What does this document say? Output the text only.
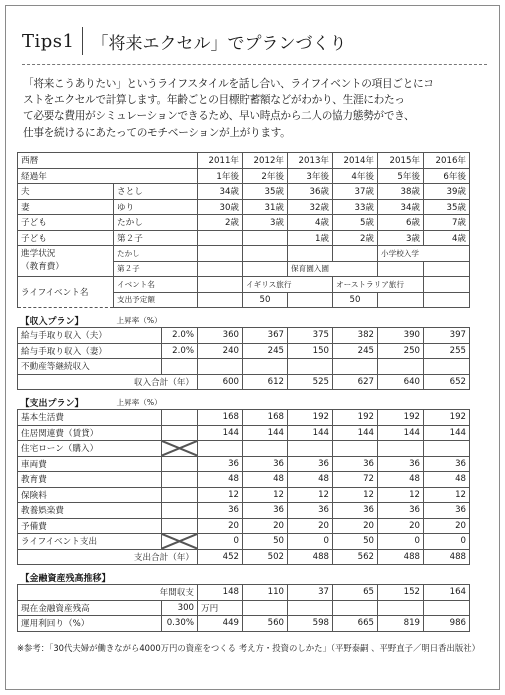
Tips1 「将来エクセル」でプランづくり

「将来こうありたい」というライフスタイルを話し合い、ライフイベントの項目ごとにコ

ストをエクセルで計算します。年齢ごとの目標貯蓄額などがわかり、生涯にわたっ

て必要な費用がシミュレーションできるため、早い時点から二人の協力態勢ができ、

仕事を続けるにあたってのモチベーションが上がります。

西暦			2011年	2012年	2013年	2014年	2015年	2016年	
経過年			1年後	2年後	3年後	4年後	5年後	6年後	
夫	さとし		34歳	35歳	36歳	37歳	38歳	39歳	
妻	ゆり		30歳	31歳	32歳	33歳	34歳	35歳	
子ども	たかし		2歳	3歳	4歳	5歳	6歳	7歳	
子ども	第２子				1歳	2歳	3歳	4歳	

進学状況
（教育費）	たかし						小学校入学		
	第２子				保育園入園				
ライフイベント名	イベント名			イギリス旅行		オーストラリア旅行			
	支出予定額			50		50			
【収入プラン】	上昇率（%）								
給与手取り収入（夫）		2.0%	360	367	375	382	390	397	
給与手取り収入（妻）		2.0%	240	245	150	245	250	255	
不動産等継続収入									
収入合計（年）			600	612	525	627	640	652	
【支出プラン】	上昇率（%）								
基本生活費			168	168	192	192	192	192	
住居関連費（賃貸）			144	144	144	144	144	144	
住宅ローン（購入）	

車両費			36	36	36	36	36	36	
教育費			48	48	48	72	48	48	
保険料			12	12	12	12	12	12	
教養娯楽費			36	36	36	36	36	36	
予備費			20	20	20	20	20	20	
ライフイベント支出			0	50	0	50	0	0	
支出合計（年）			452	502	488	562	488	488	
【金融資産残高推移】									
年間収支			148	110	37	65	152	164	
現在金融資産残高		300	万円						
運用利回り（%）		0.30%	449	560	598	665	819	986	
※参考：「30代夫婦が働きながら4000万円の資産をつくる 考え方・投資のしかた」（平野泰嗣 、平野直子／明日香出版社）
